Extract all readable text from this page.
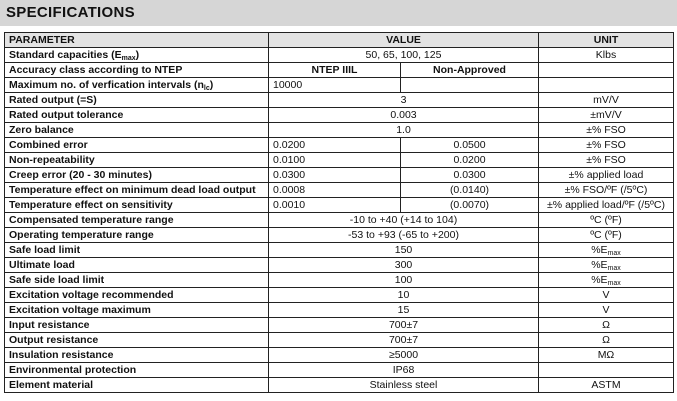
SPECIFICATIONS
PARAMETER	VALUE		UNIT
Standard capacities $(E_{max})$	50, 65, 100, 125		Klbs
Accuracy class according to NTEP	NTEP IIIL	Non-Approved	
Maximum no. of verfication intervals $(n_{lc})$	10000		
Rated output (=S)	3		mV/V
Rated output tolerance	0.003		±mV/V
Zero balance	1.0		±% FSO
Combined error	0.0200	0.0500	±% FSO
Non-repeatability	0.0100	0.0200	±% FSO
Creep error (20 - 30 minutes)	0.0300	0.0300	±% applied load
Temperature effect on minimum dead load output	0.0008	(0.0140)	±% FSO/ºF (/5ºC)
Temperature effect on sensitivity	0.0010	(0.0070)	±% applied load/ºF (/5ºC)
Compensated temperature range	-10 to +40 (+14 to 104)		ºC (ºF)
Operating temperature range	-53 to +93 (-65 to +200)		ºC (ºF)
Safe load limit	150		$\%E_{max}$
Ultimate load	300		$\%E_{max}$
Safe side load limit	100		$\%E_{max}$
Excitation voltage recommended	10		V
Excitation voltage maximum	15		V
Input resistance	700±7		Ω
Output resistance	700±7		Ω
Insulation resistance	≥5000		MΩ
Environmental protection	IP68		
Element material	Stainless steel		ASTM
